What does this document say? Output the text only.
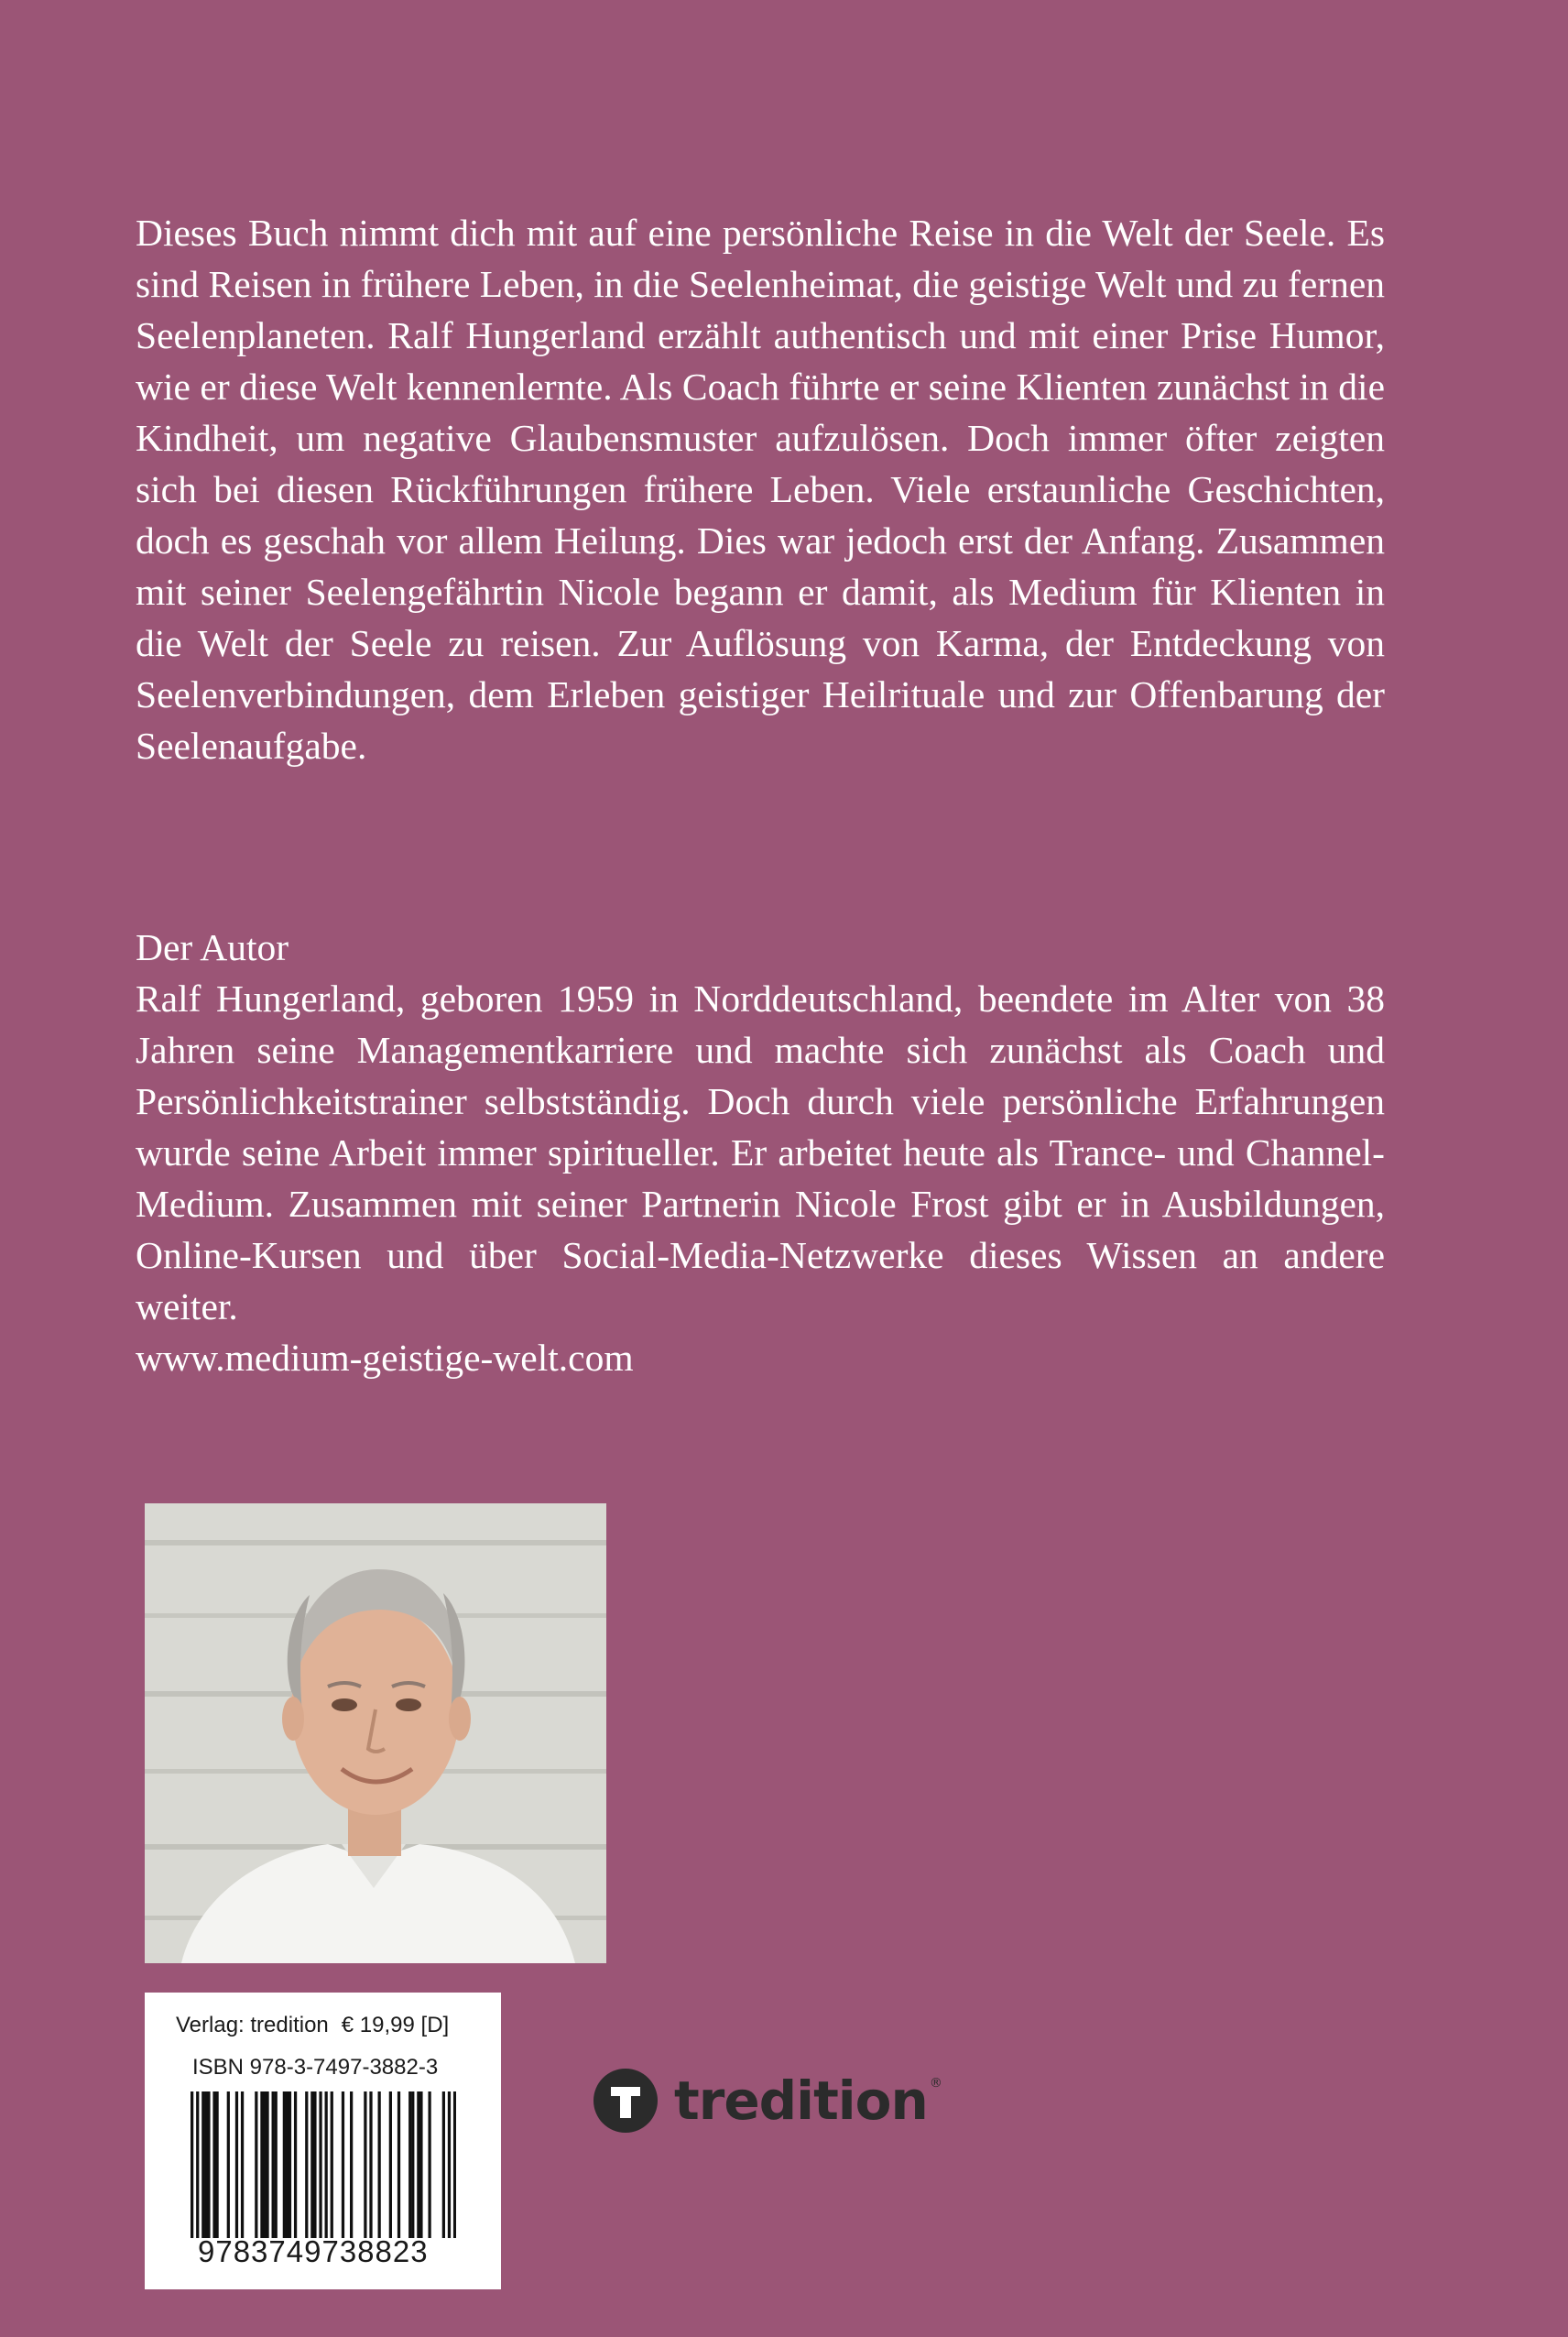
Dieses Buch nimmt dich mit auf eine persönliche Reise in die Welt der Seele. Es sind Reisen in frühere Leben, in die Seelenheimat, die geistige Welt und zu fernen Seelenplaneten. Ralf Hungerland erzählt authentisch und mit einer Prise Humor, wie er diese Welt kennenlernte. Als Coach führte er seine Klienten zunächst in die Kindheit, um negative Glaubensmuster aufzulösen. Doch immer öfter zeigten sich bei diesen Rückführungen frühere Leben. Viele erstaunliche Geschichten, doch es geschah vor allem Heilung. Dies war jedoch erst der Anfang. Zusammen mit seiner Seelengefährtin Nicole begann er damit, als Medium für Klienten in die Welt der Seele zu reisen. Zur Auflösung von Karma, der Entdeckung von Seelenverbindungen, dem Erleben geistiger Heilrituale und zur Offenbarung der Seelenaufgabe.

Der Autor

Ralf Hungerland, geboren 1959 in Norddeutschland, beendete im Alter von 38 Jahren seine Managementkarriere und machte sich zunächst als Coach und Persönlichkeitstrainer selbstständig. Doch durch viele persönliche Erfahrungen wurde seine Arbeit immer spiritueller. Er arbeitet heute als Trance- und Channel-Medium. Zusammen mit seiner Partnerin Nicole Frost gibt er in Ausbildungen, Online-Kursen und über Social-Media-Netzwerke dieses Wissen an andere weiter.

www.medium-geistige-welt.com

Verlag: tredition € 19,99 [D]
ISBN 978-3-7497-3882-3
9783749738823
tredition ®
